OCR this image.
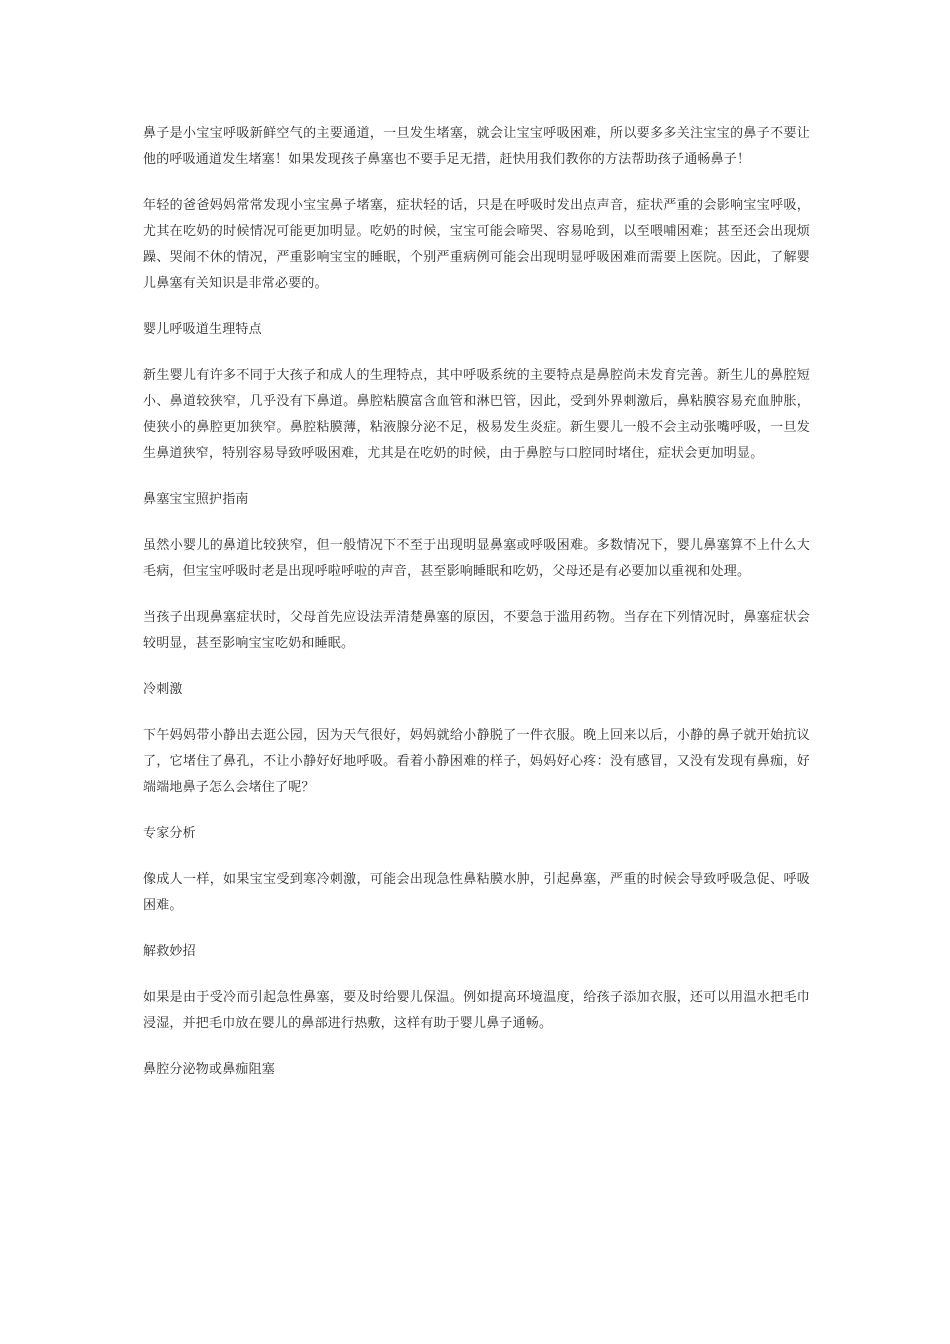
鼻子是小宝宝呼吸新鲜空气的主要通道，一旦发生堵塞，就会让宝宝呼吸困难，所以要多多关注宝宝的鼻子不要让他的呼吸通道发生堵塞！如果发现孩子鼻塞也不要手足无措，赶快用我们教你的方法帮助孩子通畅鼻子！

年轻的爸爸妈妈常常发现小宝宝鼻子堵塞，症状轻的话，只是在呼吸时发出点声音，症状严重的会影响宝宝呼吸，尤其在吃奶的时候情况可能更加明显。吃奶的时候，宝宝可能会啼哭、容易呛到，以至喂哺困难；甚至还会出现烦躁、哭闹不休的情况，严重影响宝宝的睡眠，个别严重病例可能会出现明显呼吸困难而需要上医院。因此，了解婴儿鼻塞有关知识是非常必要的。

婴儿呼吸道生理特点

新生婴儿有许多不同于大孩子和成人的生理特点，其中呼吸系统的主要特点是鼻腔尚未发育完善。新生儿的鼻腔短小、鼻道较狭窄，几乎没有下鼻道。鼻腔粘膜富含血管和淋巴管，因此，受到外界刺激后，鼻粘膜容易充血肿胀，使狭小的鼻腔更加狭窄。鼻腔粘膜薄，粘液腺分泌不足，极易发生炎症。新生婴儿一般不会主动张嘴呼吸，一旦发生鼻道狭窄，特别容易导致呼吸困难，尤其是在吃奶的时候，由于鼻腔与口腔同时堵住，症状会更加明显。

鼻塞宝宝照护指南

虽然小婴儿的鼻道比较狭窄，但一般情况下不至于出现明显鼻塞或呼吸困难。多数情况下，婴儿鼻塞算不上什么大毛病，但宝宝呼吸时老是出现呼啦呼啦的声音，甚至影响睡眠和吃奶，父母还是有必要加以重视和处理。

当孩子出现鼻塞症状时，父母首先应设法弄清楚鼻塞的原因，不要急于滥用药物。当存在下列情况时，鼻塞症状会较明显，甚至影响宝宝吃奶和睡眠。

冷刺激

下午妈妈带小静出去逛公园，因为天气很好，妈妈就给小静脱了一件衣服。晚上回来以后，小静的鼻子就开始抗议了，它堵住了鼻孔，不让小静好好地呼吸。看着小静困难的样子，妈妈好心疼：没有感冒，又没有发现有鼻痂，好端端地鼻子怎么会堵住了呢？

专家分析

像成人一样，如果宝宝受到寒冷刺激，可能会出现急性鼻粘膜水肿，引起鼻塞，严重的时候会导致呼吸急促、呼吸困难。

解救妙招

如果是由于受冷而引起急性鼻塞，要及时给婴儿保温。例如提高环境温度，给孩子添加衣服，还可以用温水把毛巾浸湿，并把毛巾放在婴儿的鼻部进行热敷，这样有助于婴儿鼻子通畅。

鼻腔分泌物或鼻痂阻塞
